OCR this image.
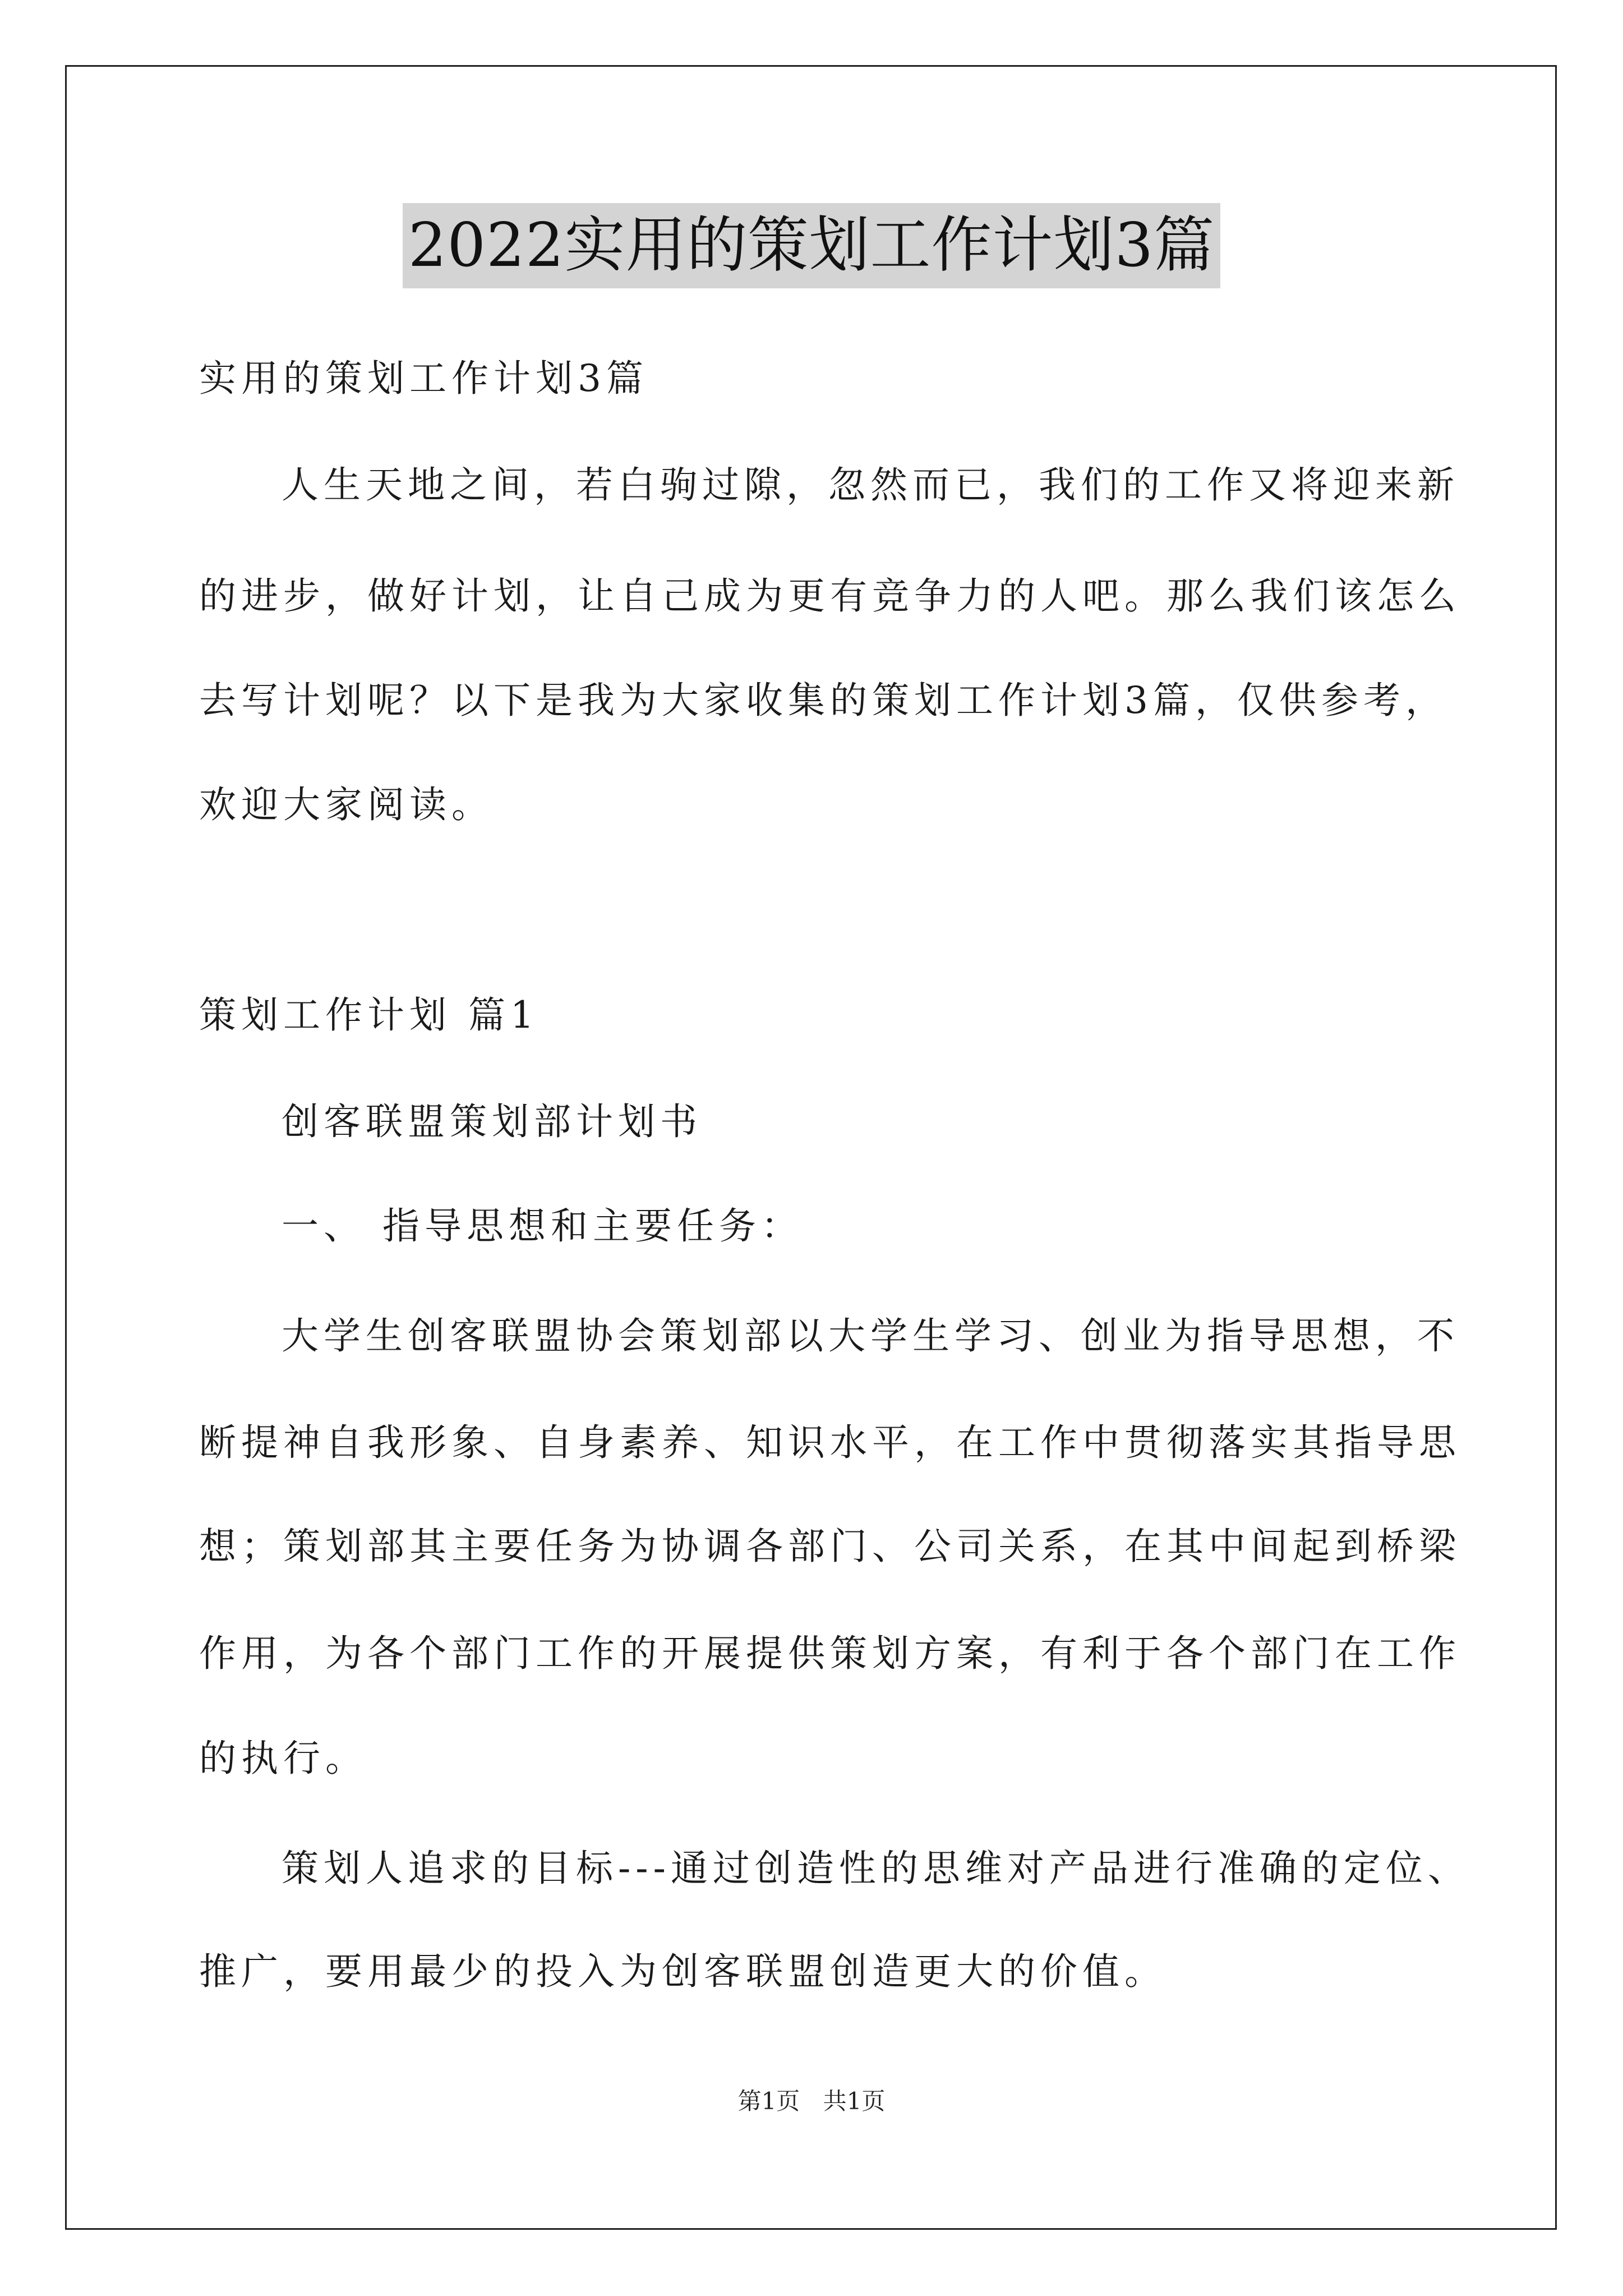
2022实用的策划工作计划3篇
实用的策划工作计划3篇
人生天地之间，若白驹过隙，忽然而已，我们的工作又将迎来新
的进步，做好计划，让自己成为更有竞争力的人吧。那么我们该怎么
去写计划呢？以下是我为大家收集的策划工作计划3篇，仅供参考，
欢迎大家阅读。
策划工作计划 篇1
创客联盟策划部计划书
一、 指导思想和主要任务：
大学生创客联盟协会策划部以大学生学习、创业为指导思想，不
断提神自我形象、自身素养、知识水平，在工作中贯彻落实其指导思
想；策划部其主要任务为协调各部门、公司关系，在其中间起到桥梁
作用，为各个部门工作的开展提供策划方案，有利于各个部门在工作
的执行。
策划人追求的目标---通过创造性的思维对产品进行准确的定位、
推广，要用最少的投入为创客联盟创造更大的价值。
第1页 共1页
